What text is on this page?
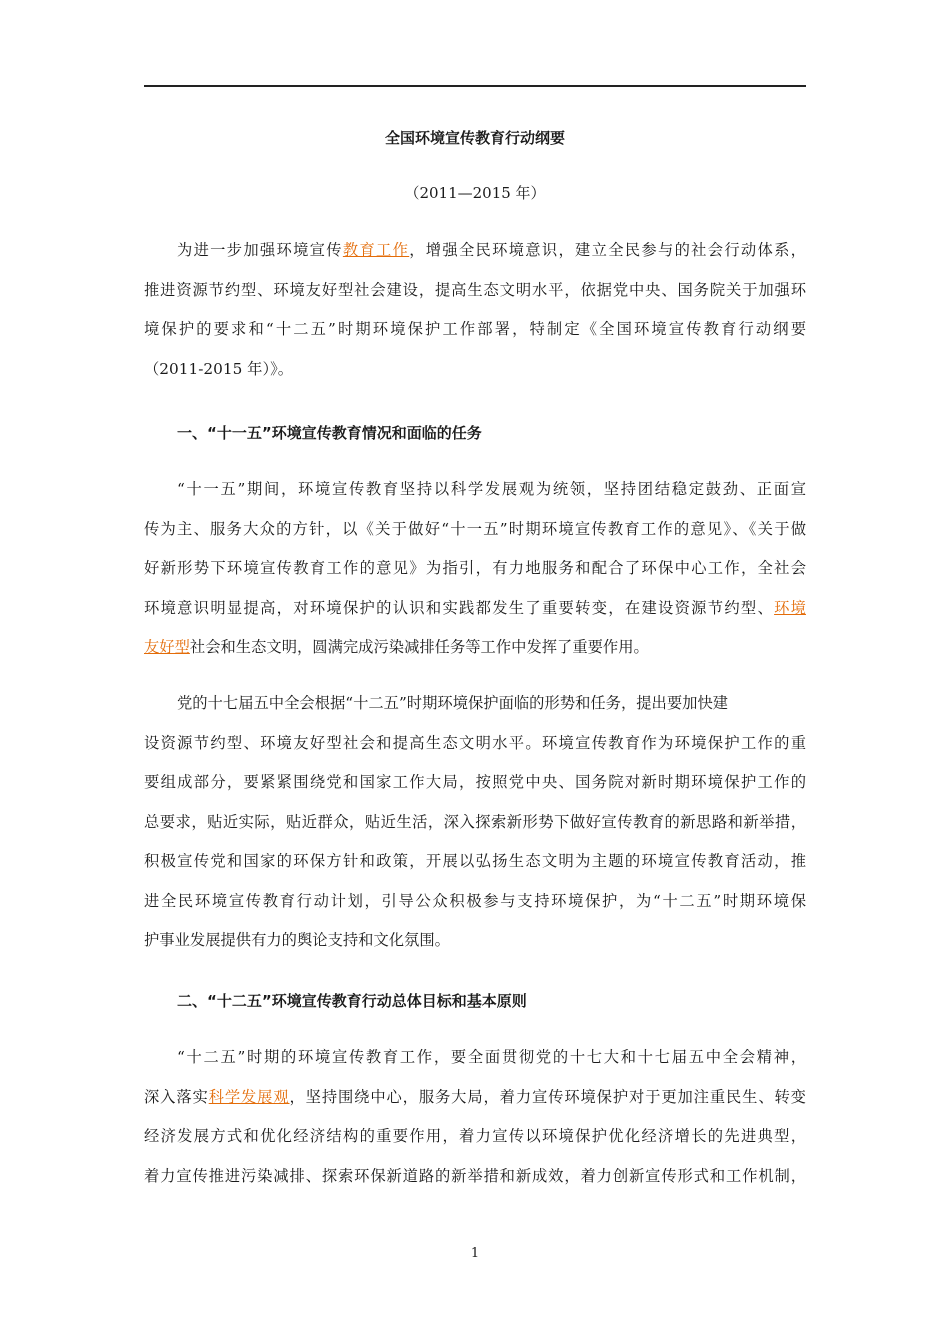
全国环境宣传教育行动纲要
（2011—2015 年）
为进一步加强环境宣传教育工作，增强全民环境意识，建立全民参与的社会行动体系，
推进资源节约型、环境友好型社会建设，提高生态文明水平，依据党中央、国务院关于加强环
境保护的要求和“十二五”时期环境保护工作部署，特制定《全国环境宣传教育行动纲要
（2011-2015 年）》。
一、“十一五”环境宣传教育情况和面临的任务
“十一五”期间，环境宣传教育坚持以科学发展观为统领，坚持团结稳定鼓劲、正面宣
传为主、服务大众的方针，以《关于做好“十一五”时期环境宣传教育工作的意见》、《关于做
好新形势下环境宣传教育工作的意见》为指引，有力地服务和配合了环保中心工作，全社会
环境意识明显提高，对环境保护的认识和实践都发生了重要转变，在建设资源节约型、环境
友好型社会和生态文明，圆满完成污染减排任务等工作中发挥了重要作用。
党的十七届五中全会根据“十二五”时期环境保护面临的形势和任务，提出要加快建
设资源节约型、环境友好型社会和提高生态文明水平。环境宣传教育作为环境保护工作的重
要组成部分，要紧紧围绕党和国家工作大局，按照党中央、国务院对新时期环境保护工作的
总要求，贴近实际，贴近群众，贴近生活，深入探索新形势下做好宣传教育的新思路和新举措，
积极宣传党和国家的环保方针和政策，开展以弘扬生态文明为主题的环境宣传教育活动，推
进全民环境宣传教育行动计划，引导公众积极参与支持环境保护，为“十二五”时期环境保
护事业发展提供有力的舆论支持和文化氛围。
二、“十二五”环境宣传教育行动总体目标和基本原则
“十二五”时期的环境宣传教育工作，要全面贯彻党的十七大和十七届五中全会精神，
深入落实科学发展观，坚持围绕中心，服务大局，着力宣传环境保护对于更加注重民生、转变
经济发展方式和优化经济结构的重要作用，着力宣传以环境保护优化经济增长的先进典型，
着力宣传推进污染减排、探索环保新道路的新举措和新成效，着力创新宣传形式和工作机制，
1
